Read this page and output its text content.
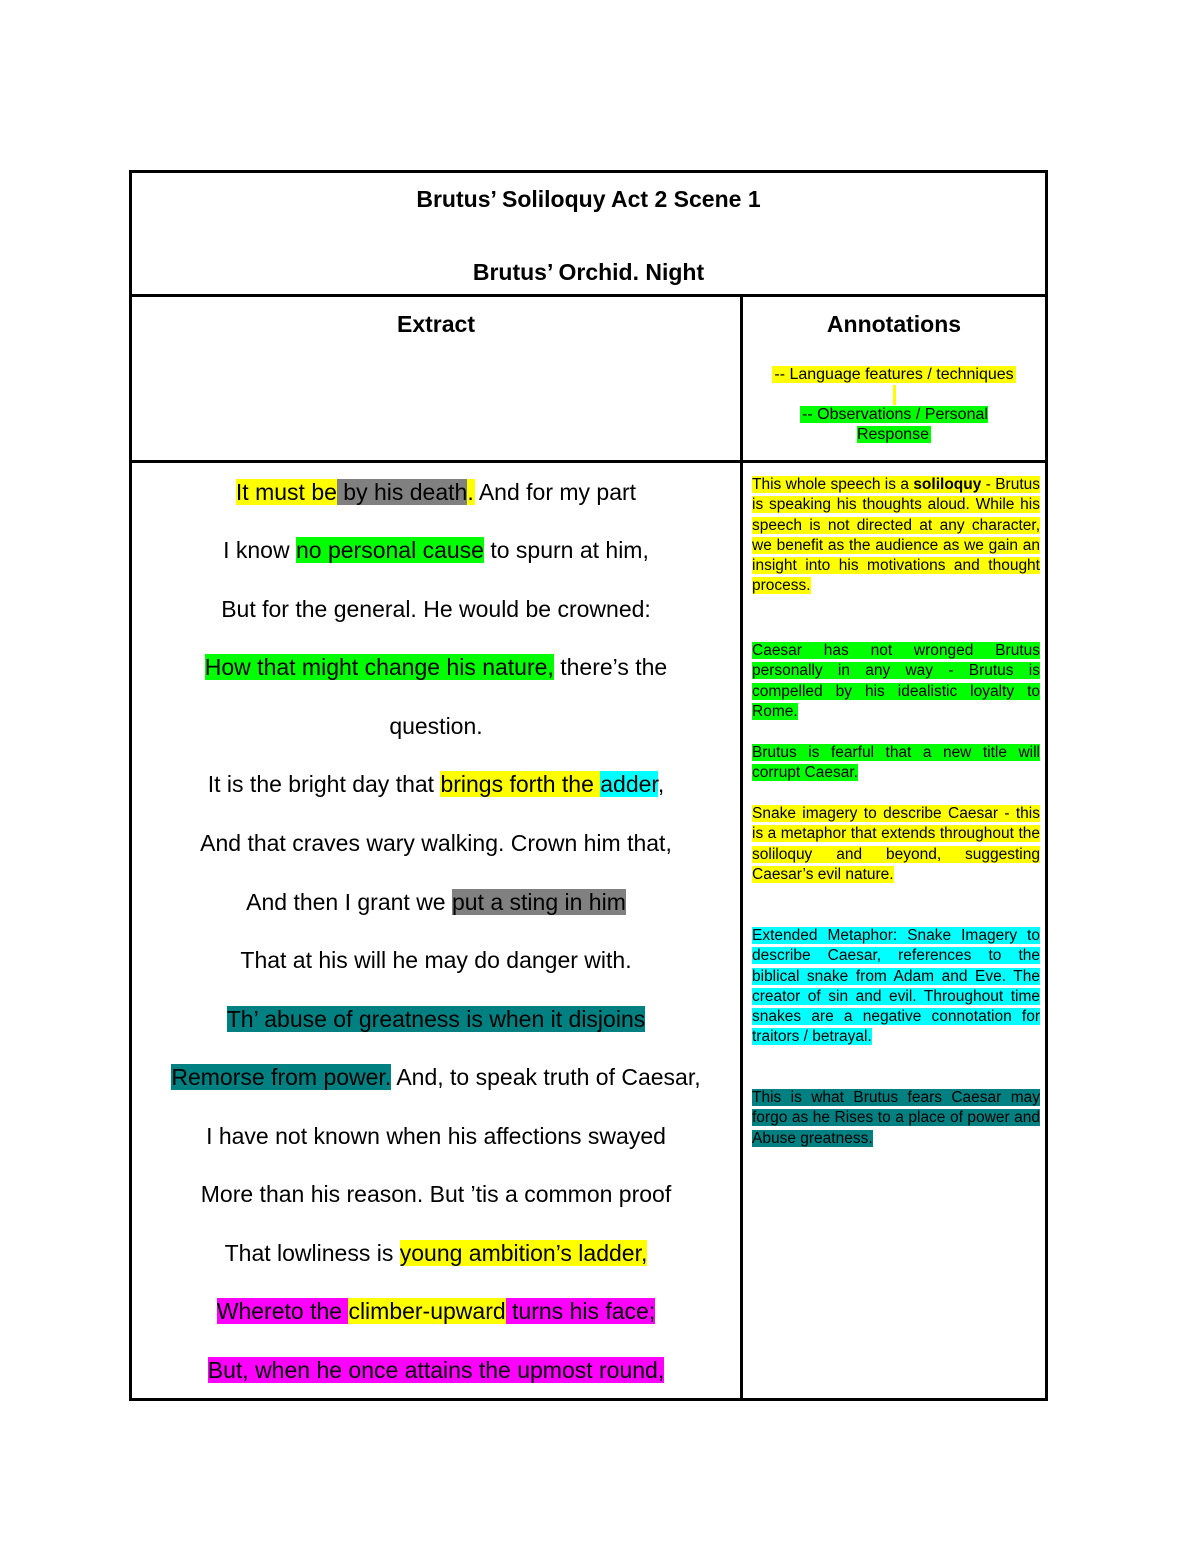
Brutus’ Soliloquy Act 2 Scene 1
Brutus’ Orchid. Night
Extract	Annotations
-- Language features / techniques
-- Observations / Personal Response
It must be by his death. And for my part
I know no personal cause to spurn at him,
But for the general. He would be crowned:
How that might change his nature, there’s the
question.
It is the bright day that brings forth the adder,
And that craves wary walking. Crown him that,
And then I grant we put a sting in him
That at his will he may do danger with.
Th’ abuse of greatness is when it disjoins
Remorse from power. And, to speak truth of Caesar,
I have not known when his affections swayed
More than his reason. But ’tis a common proof
That lowliness is young ambition’s ladder,
Whereto the climber-upward turns his face;
But, when he once attains the upmost round,
This whole speech is a soliloquy - Brutus is speaking his thoughts aloud. While his speech is not directed at any character, we benefit as the audience as we gain an insight into his motivations and thought process.
Caesar has not wronged Brutus personally in any way - Brutus is compelled by his idealistic loyalty to Rome.
Brutus is fearful that a new title will corrupt Caesar.
Snake imagery to describe Caesar - this is a metaphor that extends throughout the soliloquy and beyond, suggesting Caesar’s evil nature.
Extended Metaphor: Snake Imagery to describe Caesar, references to the biblical snake from Adam and Eve. The creator of sin and evil. Throughout time snakes are a negative connotation for traitors / betrayal.
This is what Brutus fears Caesar may forgo as he Rises to a place of power and Abuse greatness.
